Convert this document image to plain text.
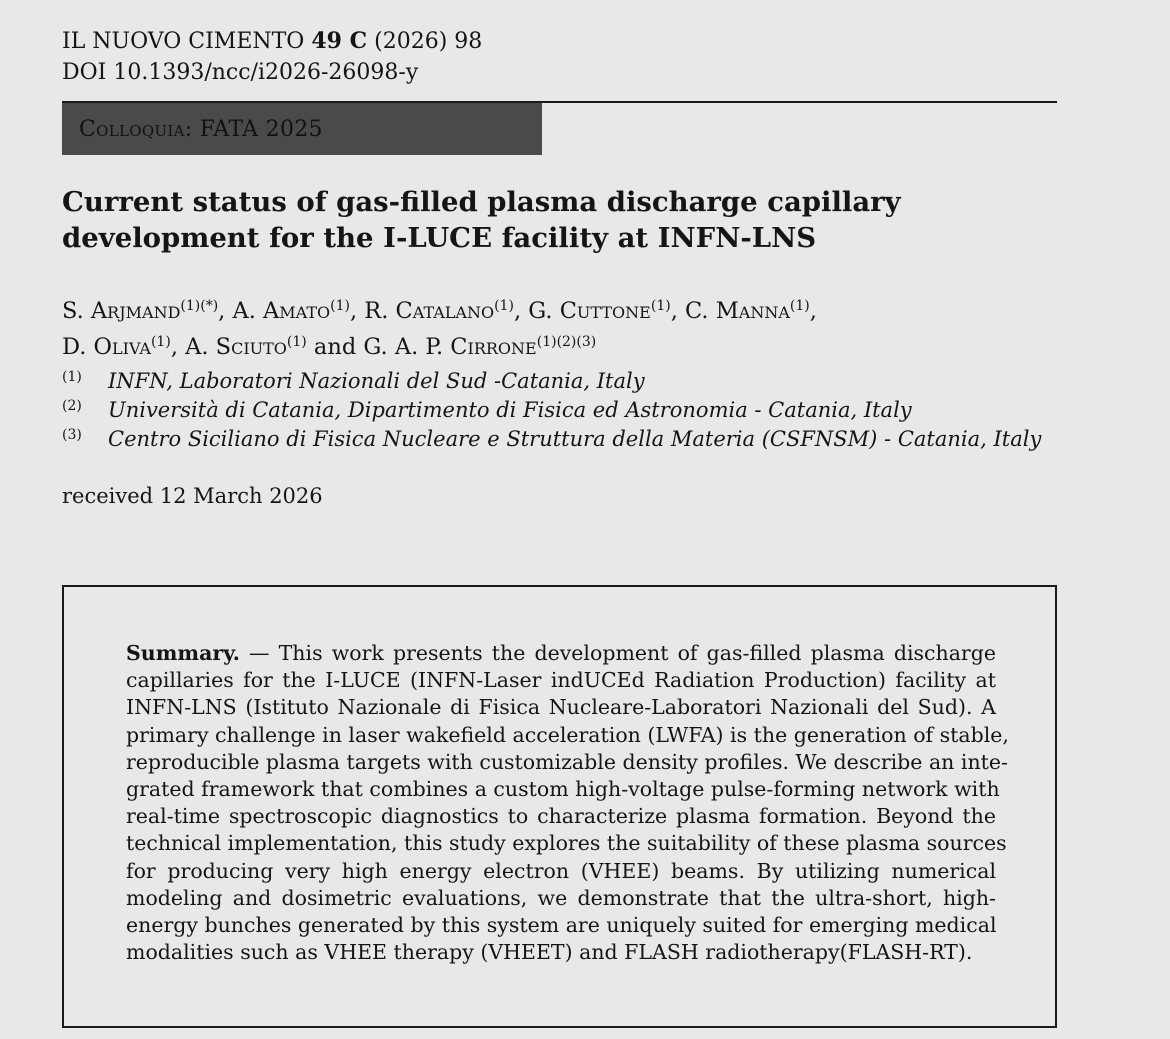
IL NUOVO CIMENTO 49 C (2026) 98
DOI 10.1393/ncc/i2026-26098-y
Colloquia:
FATA 2025
Current status of gas-filled plasma discharge capillary
development for the I-LUCE facility at INFN-LNS
S. Arjmand$^{(1)(*)}$, A. Amato$^{(1)}$, R. Catalano$^{(1)}$, G. Cuttone$^{(1)}$, C. Manna$^{(1)}$,
D. Oliva$^{(1)}$, A. Sciuto$^{(1)}$ and G. A. P. Cirrone$^{(1)(2)(3)}$
$^{(1)}$ INFN, Laboratori Nazionali del Sud -Catania, Italy
$^{(2)}$ Università di Catania, Dipartimento di Fisica ed Astronomia - Catania, Italy
$^{(3)}$ Centro Siciliano di Fisica Nucleare e Struttura della Materia (CSFNSM) - Catania, Italy
received 12 March 2026
Summary. — This work presents the development of gas-filled plasma discharge
capillaries for the I-LUCE (INFN-Laser indUCEd Radiation Production) facility at
INFN-LNS (Istituto Nazionale di Fisica Nucleare-Laboratori Nazionali del Sud). A
primary challenge in laser wakefield acceleration (LWFA) is the generation of stable,
reproducible plasma targets with customizable density profiles. We describe an inte-
grated framework that combines a custom high-voltage pulse-forming network with
real-time spectroscopic diagnostics to characterize plasma formation. Beyond the
technical implementation, this study explores the suitability of these plasma sources
for producing very high energy electron (VHEE) beams. By utilizing numerical
modeling and dosimetric evaluations, we demonstrate that the ultra-short, high-
energy bunches generated by this system are uniquely suited for emerging medical
modalities such as VHEE therapy (VHEET) and FLASH radiotherapy(FLASH-RT).
